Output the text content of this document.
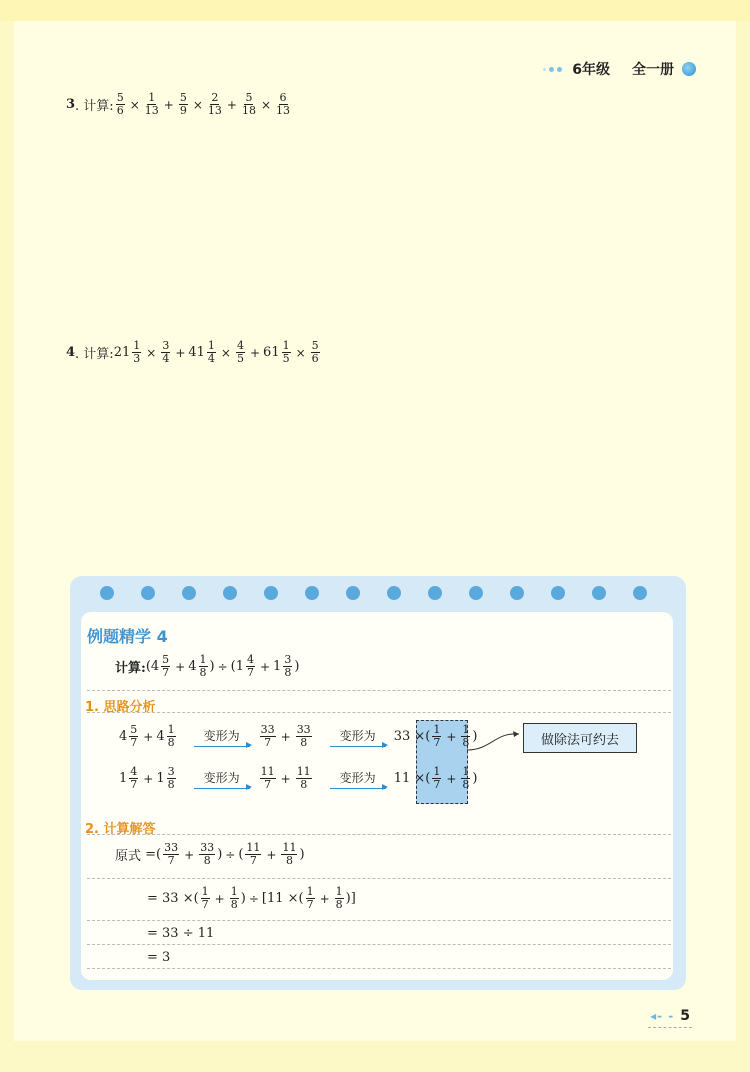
6年级 全一册
3 . 计算: $\frac{5}{6} \times \frac{1}{13} + \frac{5}{9} \times \frac{2}{13} + \frac{5}{18} \times \frac{6}{13}$
4 . 计算: $21 \frac{1}{3} \times \frac{3}{4} + 41 \frac{1}{4} \times \frac{4}{5} + 61 \frac{1}{5} \times \frac{5}{6}$
例题精学 4
计算: ($4 \frac{5}{7} + 4 \frac{1}{8}$ ) ÷ ($1 \frac{4}{7} + 1 \frac{3}{8}$ )
1. 思路分析
$4 \frac{5}{7} + 4 \frac{1}{8}$ 变形为 $\frac{33}{7} + \frac{33}{8}$ 变形为 33 ×( $\frac{1}{7} + \frac{1}{8}$ )	做除法可约去
$1 \frac{4}{7} + 1 \frac{3}{8}$ 变形为 $\frac{11}{7} + \frac{11}{8}$ 变形为 11 ×( $\frac{1}{7} + \frac{1}{8}$ )
2. 计算解答
原式 =( $\frac{33}{7} + \frac{33}{8}$ ) ÷ ( $\frac{11}{7} + \frac{11}{8}$ )
= 33 × ( $\frac{1}{7} + \frac{1}{8}$ ) ÷ [11 ×( $\frac{1}{7} + \frac{1}{8}$ )]
= 33 ÷ 11
= 3
◂- - 5
